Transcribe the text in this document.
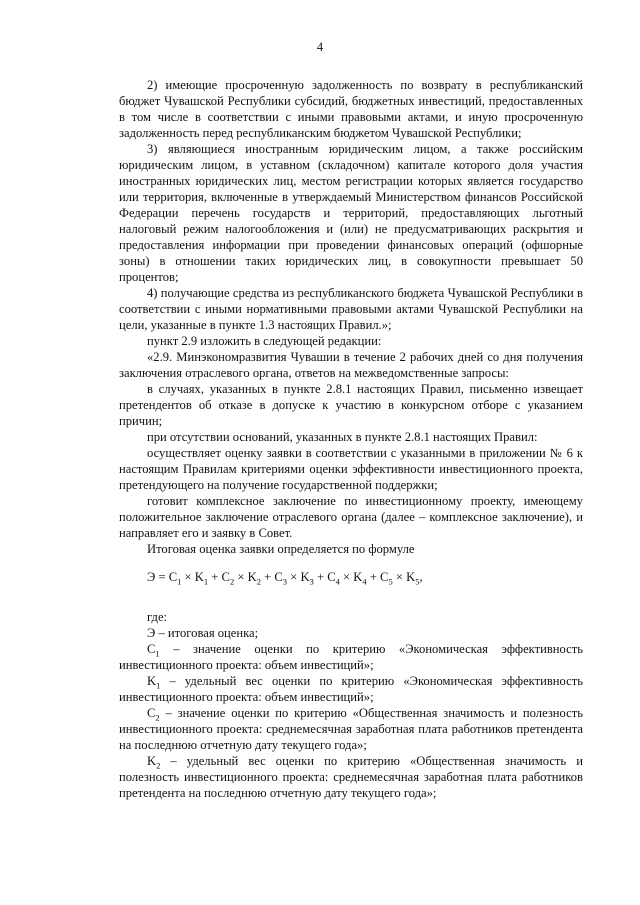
4

2) имеющие просроченную задолженность по возврату в республиканский бюджет Чувашской Республики субсидий, бюджетных инвестиций, предоставленных в том числе в соответствии с иными правовыми актами, и иную просроченную задолженность перед республиканским бюджетом Чувашской Республики;

3) являющиеся иностранным юридическим лицом, а также российским юридическим лицом, в уставном (складочном) капитале которого доля участия иностранных юридических лиц, местом регистрации которых является государство или территория, включенные в утверждаемый Министерством финансов Российской Федерации перечень государств и территорий, предоставляющих льготный налоговый режим налогообложения и (или) не предусматривающих раскрытия и предоставления информации при проведении финансовых операций (офшорные зоны) в отношении таких юридических лиц, в совокупности превышает 50 процентов;

4) получающие средства из республиканского бюджета Чувашской Республики в соответствии с иными нормативными правовыми актами Чувашской Республики на цели, указанные в пункте 1.3 настоящих Правил.»;

пункт 2.9 изложить в следующей редакции:

«2.9. Минэкономразвития Чувашии в течение 2 рабочих дней со дня получения заключения отраслевого органа, ответов на межведомственные запросы:

в случаях, указанных в пункте 2.8.1 настоящих Правил, письменно извещает претендентов об отказе в допуске к участию в конкурсном отборе с указанием причин;

при отсутствии оснований, указанных в пункте 2.8.1 настоящих Правил:

осуществляет оценку заявки в соответствии с указанными в приложении № 6 к настоящим Правилам критериями оценки эффективности инвестиционного проекта, претендующего на получение государственной поддержки;

готовит комплексное заключение по инвестиционному проекту, имеющему положительное заключение отраслевого органа (далее – комплексное заключение), и направляет его и заявку в Совет.

Итоговая оценка заявки определяется по формуле

$Э = C_1 \times K_1 + C_2 \times K_2 + C_3 \times K_3 + C_4 \times K_4 + C_5 \times K_5$,

где:

Э – итоговая оценка;

$C_1$ – значение оценки по критерию «Экономическая эффективность инвестиционного проекта: объем инвестиций»;

$K_1$ – удельный вес оценки по критерию «Экономическая эффективность инвестиционного проекта: объем инвестиций»;

$C_2$ – значение оценки по критерию «Общественная значимость и полезность инвестиционного проекта: среднемесячная заработная плата работников претендента на последнюю отчетную дату текущего года»;

$K_2$ – удельный вес оценки по критерию «Общественная значимость и полезность инвестиционного проекта: среднемесячная заработная плата работников претендента на последнюю отчетную дату текущего года»;
